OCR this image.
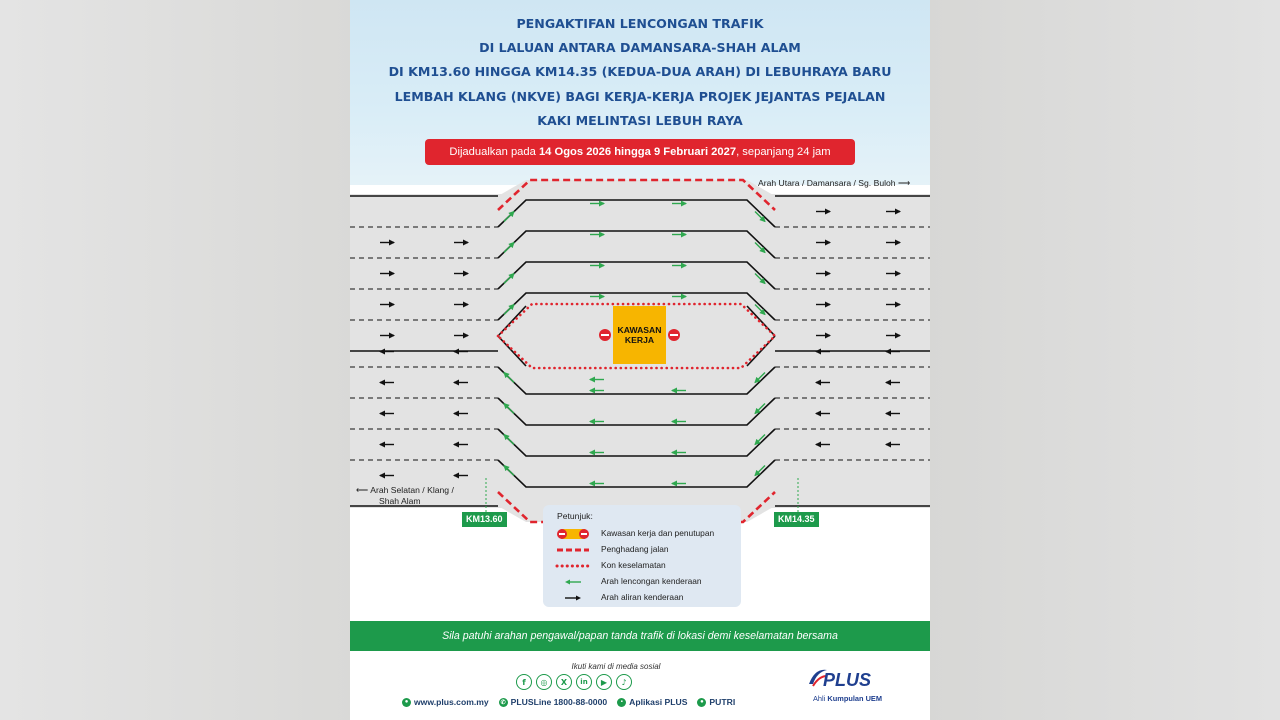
PENGAKTIFAN LENCONGAN TRAFIK
DI LALUAN ANTARA DAMANSARA-SHAH ALAM
DI KM13.60 HINGGA KM14.35 (KEDUA-DUA ARAH) DI LEBUHRAYA BARU
LEMBAH KLANG (NKVE) BAGI KERJA-KERJA PROJEK JEJANTAS PEJALAN
KAKI MELINTASI LEBUH RAYA
Dijadualkan pada 14 Ogos 2026 hingga 9 Februari 2027, sepanjang 24 jam
Arah Utara / Damansara / Sg. Buloh ⟶
⟵ Arah Selatan / Klang /
Shah Alam
KAWASAN
KERJA
KM13.60	KM14.35
Petunjuk:
Kawasan kerja dan penutupan
Penghadang jalan
Kon keselamatan
Arah lencongan kenderaan
Arah aliran kenderaan
Sila patuhi arahan pengawal/papan tanda trafik di lokasi demi keselamatan bersama
Ikuti kami di media sosial
f	◎	X	in	▶	♪
● www.plus.com.my	✆ PLUSLine 1800-88-0000	▪ Aplikasi PLUS	● PUTRI
PLUS
Ahli Kumpulan UEM
